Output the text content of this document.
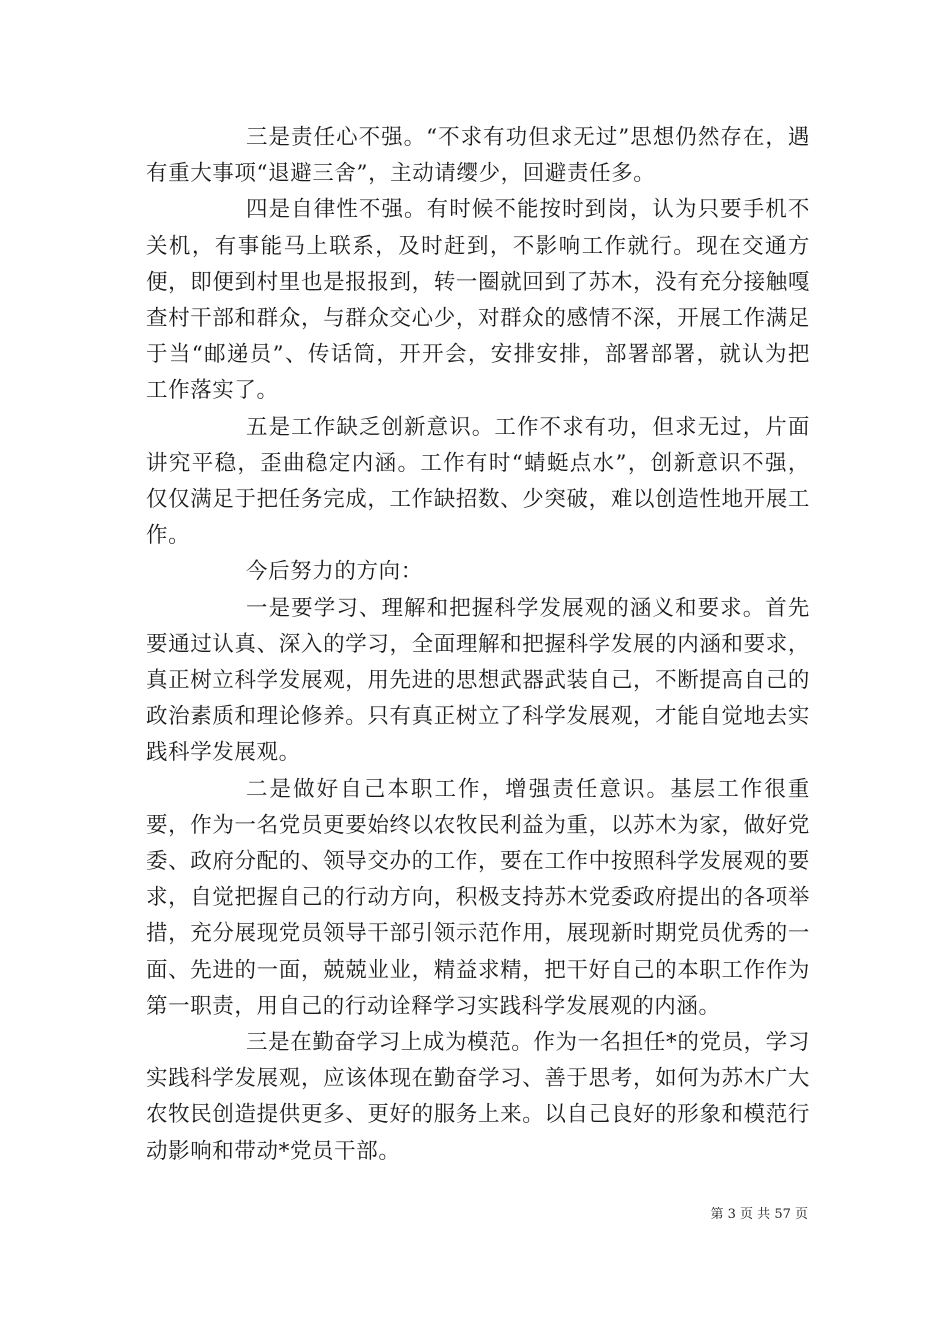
三是责任心不强。“不求有功但求无过”思想仍然存在，遇有重大事项“退避三舍”，主动请缨少，回避责任多。

四是自律性不强。有时候不能按时到岗，认为只要手机不关机，有事能马上联系，及时赶到，不影响工作就行。现在交通方便，即便到村里也是报报到，转一圈就回到了苏木，没有充分接触嘎查村干部和群众，与群众交心少，对群众的感情不深，开展工作满足于当“邮递员”、传话筒，开开会，安排安排，部署部署，就认为把工作落实了。

五是工作缺乏创新意识。工作不求有功，但求无过，片面讲究平稳，歪曲稳定内涵。工作有时“蜻蜓点水”，创新意识不强，仅仅满足于把任务完成，工作缺招数、少突破，难以创造性地开展工作。

今后努力的方向：

一是要学习、理解和把握科学发展观的涵义和要求。首先要通过认真、深入的学习，全面理解和把握科学发展的内涵和要求，真正树立科学发展观，用先进的思想武器武装自己，不断提高自己的政治素质和理论修养。只有真正树立了科学发展观，才能自觉地去实践科学发展观。

二是做好自己本职工作，增强责任意识。基层工作很重要，作为一名党员更要始终以农牧民利益为重，以苏木为家，做好党委、政府分配的、领导交办的工作，要在工作中按照科学发展观的要求，自觉把握自己的行动方向，积极支持苏木党委政府提出的各项举措，充分展现党员领导干部引领示范作用，展现新时期党员优秀的一面、先进的一面，兢兢业业，精益求精，把干好自己的本职工作作为第一职责，用自己的行动诠释学习实践科学发展观的内涵。

三是在勤奋学习上成为模范。作为一名担任*的党员，学习实践科学发展观，应该体现在勤奋学习、善于思考，如何为苏木广大农牧民创造提供更多、更好的服务上来。以自己良好的形象和模范行动影响和带动*党员干部。

第 3 页 共 57 页
